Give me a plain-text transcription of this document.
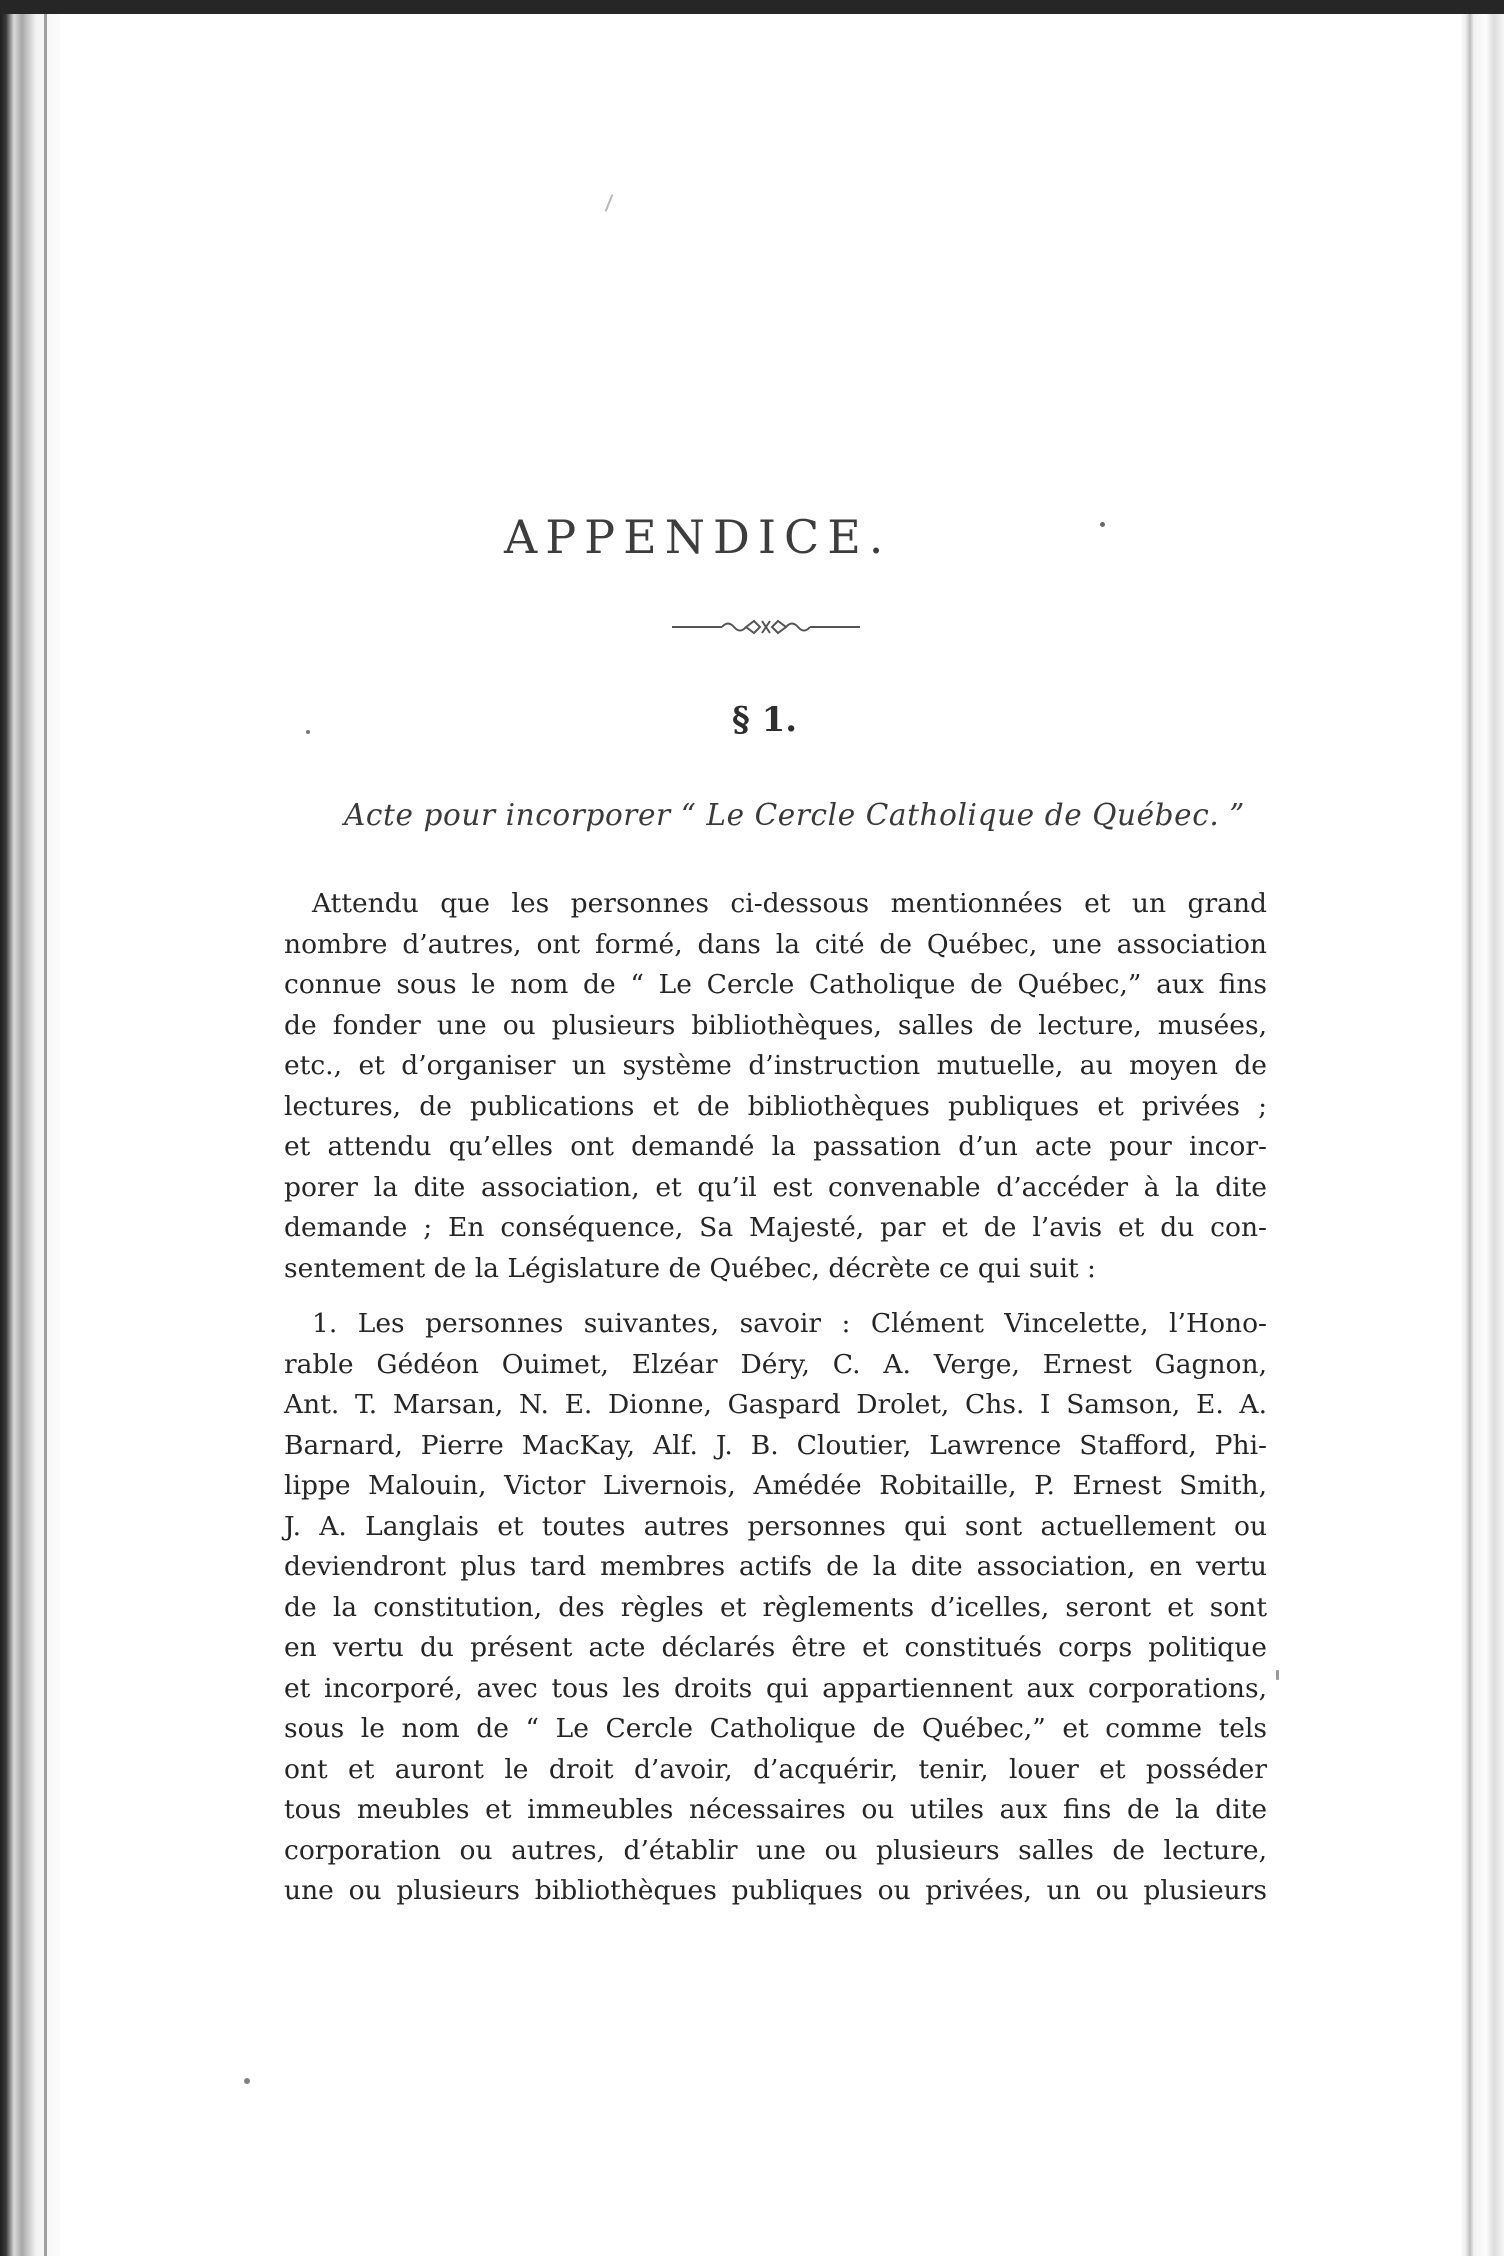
APPENDICE.
§ 1.
Acte pour incorporer “ Le Cercle Catholique de Québec. ”
Attendu que les personnes ci-dessous mentionnées et un grand
nombre d’autres, ont formé, dans la cité de Québec, une association
connue sous le nom de “ Le Cercle Catholique de Québec,” aux fins
de fonder une ou plusieurs bibliothèques, salles de lecture, musées,
etc., et d’organiser un système d’instruction mutuelle, au moyen de
lectures, de publications et de bibliothèques publiques et privées ;
et attendu qu’elles ont demandé la passation d’un acte pour incor-
porer la dite association, et qu’il est convenable d’accéder à la dite
demande ; En conséquence, Sa Majesté, par et de l’avis et du con-
sentement de la Législature de Québec, décrète ce qui suit :
1. Les personnes suivantes, savoir : Clément Vincelette, l’Hono-
rable Gédéon Ouimet, Elzéar Déry, C. A. Verge, Ernest Gagnon,
Ant. T. Marsan, N. E. Dionne, Gaspard Drolet, Chs. I Samson, E. A.
Barnard, Pierre MacKay, Alf. J. B. Cloutier, Lawrence Stafford, Phi-
lippe Malouin, Victor Livernois, Amédée Robitaille, P. Ernest Smith,
J. A. Langlais et toutes autres personnes qui sont actuellement ou
deviendront plus tard membres actifs de la dite association, en vertu
de la constitution, des règles et règlements d’icelles, seront et sont
en vertu du présent acte déclarés être et constitués corps politique
et incorporé, avec tous les droits qui appartiennent aux corporations,
sous le nom de “ Le Cercle Catholique de Québec,” et comme tels
ont et auront le droit d’avoir, d’acquérir, tenir, louer et posséder
tous meubles et immeubles nécessaires ou utiles aux fins de la dite
corporation ou autres, d’établir une ou plusieurs salles de lecture,
une ou plusieurs bibliothèques publiques ou privées, un ou plusieurs
